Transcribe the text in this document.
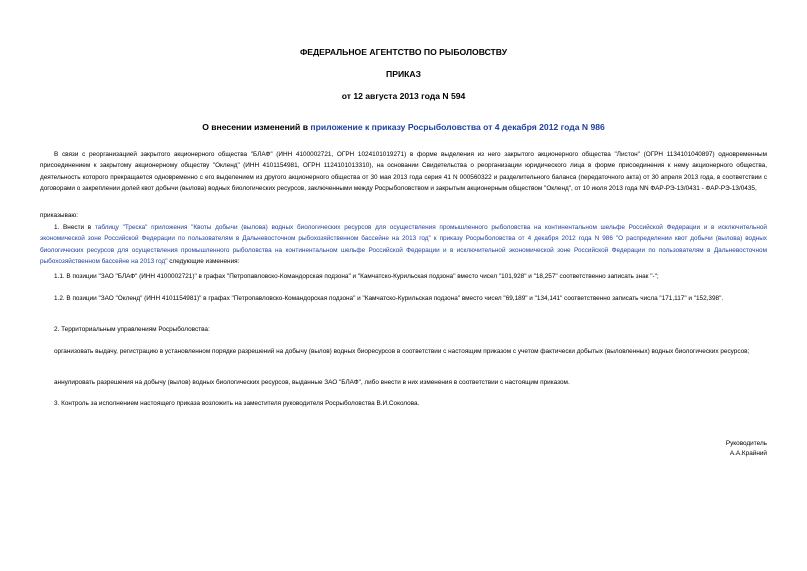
ФЕДЕРАЛЬНОЕ АГЕНТСТВО ПО РЫБОЛОВСТВУ
ПРИКАЗ
от 12 августа 2013 года N 594
О внесении изменений в приложение к приказу Росрыболовства от 4 декабря 2012 года N 986
В связи с реорганизацией закрытого акционерного общества "БЛАФ" (ИНН 4100002721, ОГРН 1024101019271) в форме выделения из него закрытого акционерного общества "Листон" (ОГРН 1134101040897) одновременным присоединением к закрытому акционерному обществу "Окленд" (ИНН 4101154981, ОГРН 1124101013310), на основании Свидетельства о реорганизации юридического лица в форме присоединения к нему акционерного общества, деятельность которого прекращается одновременно с его выделением из другого акционерного общества от 30 мая 2013 года серия 41 N 000560322 и разделительного баланса (передаточного акта) от 30 апреля 2013 года, в соответствии с договорами о закреплении долей квот добычи (вылова) водных биологических ресурсов, заключенными между Росрыболовством и закрытым акционерным обществом "Окленд", от 10 июля 2013 года NN ФАР-РЭ-13/0431 - ФАР-РЭ-13/0435,
приказываю:
1. Внести в таблицу "Треска" приложения "Квоты добычи (вылова) водных биологических ресурсов для осуществления промышленного рыболовства на континентальном шельфе Российской Федерации и в исключительной экономической зоне Российской Федерации по пользователям в Дальневосточном рыбохозяйственном бассейне на 2013 год" к приказу Росрыболовства от 4 декабря 2012 года N 986 "О распределении квот добычи (вылова) водных биологических ресурсов для осуществления промышленного рыболовства на континентальном шельфе Российской Федерации и в исключительной экономической зоне Российской Федерации по пользователям в Дальневосточном рыбохозяйственном бассейне на 2013 год" следующие изменения:
1.1. В позиции "ЗАО "БЛАФ" (ИНН 4100002721)" в графах "Петропавловско-Командорская подзона" и "Камчатско-Курильская подзона" вместо чисел "101,928" и "18,257" соответственно записать знак "-";
1.2. В позиции "ЗАО "Окленд" (ИНН 4101154981)" в графах "Петропавловско-Командорская подзона" и "Камчатско-Курильская подзона" вместо чисел "69,189" и "134,141" соответственно записать числа "171,117" и "152,398".
2. Территориальным управлениям Росрыболовства:
организовать выдачу, регистрацию в установленном порядке разрешений на добычу (вылов) водных биоресурсов в соответствии с настоящим приказом с учетом фактически добытых (выловленных) водных биологических ресурсов;
аннулировать разрешения на добычу (вылов) водных биологических ресурсов, выданные ЗАО "БЛАФ", либо внести в них изменения в соответствии с настоящим приказом.
3. Контроль за исполнением настоящего приказа возложить на заместителя руководителя Росрыболовства В.И.Соколова.
Руководитель
А.А.Крайний
